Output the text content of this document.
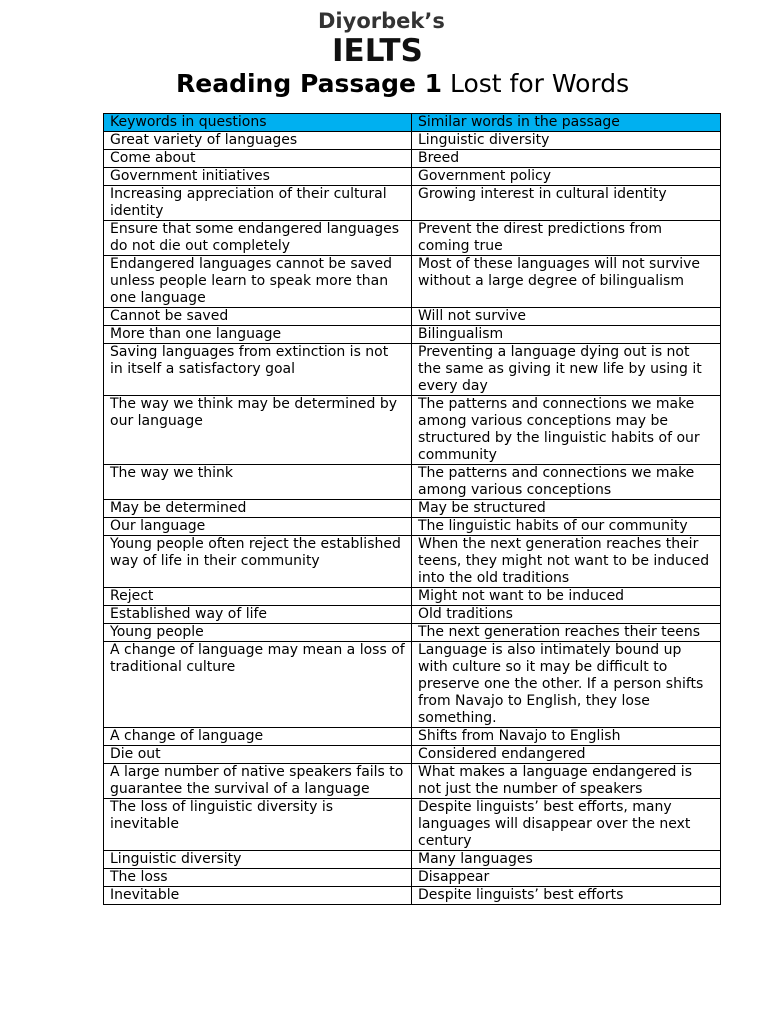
Diyorbek’s
IELTS
Reading Passage 1 Lost for Words
Keywords in questions	Similar words in the passage
Great variety of languages	Linguistic diversity
Come about	Breed
Government initiatives	Government policy
Increasing appreciation of their cultural identity	Growing interest in cultural identity
Ensure that some endangered languages do not die out completely	Prevent the direst predictions from coming true
Endangered languages cannot be saved unless people learn to speak more than one language	Most of these languages will not survive without a large degree of bilingualism
Cannot be saved	Will not survive
More than one language	Bilingualism
Saving languages from extinction is not in itself a satisfactory goal	Preventing a language dying out is not the same as giving it new life by using it every day
The way we think may be determined by our language	The patterns and connections we make among various conceptions may be structured by the linguistic habits of our community
The way we think	The patterns and connections we make among various conceptions
May be determined	May be structured
Our language	The linguistic habits of our community
Young people often reject the established way of life in their community	When the next generation reaches their teens, they might not want to be induced into the old traditions
Reject	Might not want to be induced
Established way of life	Old traditions
Young people	The next generation reaches their teens
A change of language may mean a loss of traditional culture	Language is also intimately bound up with culture so it may be difficult to preserve one the other. If a person shifts from Navajo to English, they lose something.
A change of language	Shifts from Navajo to English
Die out	Considered endangered
A large number of native speakers fails to guarantee the survival of a language	What makes a language endangered is not just the number of speakers
The loss of linguistic diversity is inevitable	Despite linguists’ best efforts, many languages will disappear over the next century
Linguistic diversity	Many languages
The loss	Disappear
Inevitable	Despite linguists’ best efforts
